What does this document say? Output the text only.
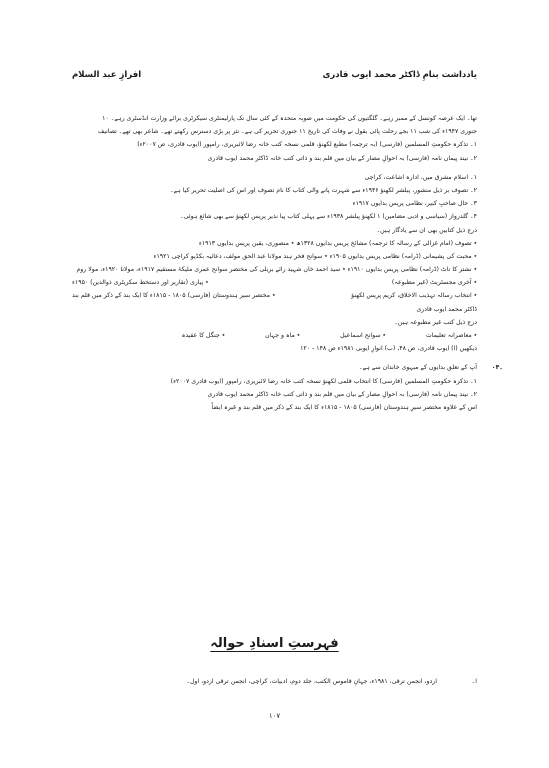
افرازِ عبد السلام	یادداشت بنامِ ڈاکٹر محمد ایوب قادری
تھا۔ ایک عرصہ کونسل کے ممبر رہے۔ گلگتیوں کی حکومت میں صوبہ متحدہ کے کئی سال تک پارلیمنٹری سیکرٹری برائے وزارت انڈسٹری رہے۔ ۱۰
جنوری ۱۹۴۷ء کی شب ۱۱ بجے رحلت پائی بقول نے وفات کی تاریخ ۱۱ جنوری تحریر کی ہے۔ نثر پر بڑی دسترس رکھتے تھے۔ شاعر بھی تھے۔ تصانیف
۱۔ تذکرہ حکومتِ المسلمین (فارسی) (بہ ترجمہ) مطبع لکھنؤ، قلمی نسخہ کتب خانہ رضا لائبریری، رامپور (ایوب قادری، ص ۲۰۰۷ء)
۲۔ نیند پیماں نامہ (فارسی) بہ احوالِ مصار کے بیان میں قلم بند و ذاتی کتب خانہ ڈاکٹر محمد ایوب قادری
۱۔ اسلام مشرق میں، ادارہ اشاعت، کراچی
۲۔ تصوف بر ذیل منشور، پبلشر لکھنؤ ۱۹۴۶ء سے شہرت پانے والی کتاب کا نام تصوف اور اس کی اصلیت تحریر کیا ہے۔
۳۔ حال صاحبِ کبیر، نظامی پریس بدایوں ۱۹۱۷ء
۴۔ گلدرواز (سیاسی و ادبی مضامین) ۱ لکھنؤ پبلشر ۱۹۳۸ء سے پہلی کتاب پیا نذیر پریس لکھنؤ سے بھی شائع ہوئی۔
درج ذیل کتابیں بھی ان سے یادگار ہیں۔
٭ تصوف (امام غزالی کے رسالہ کا ترجمہ) مشائخ پریس بدایوں ۱۳۲۸ھ ٭ منصوری، یقین پریس بدایوں ۱۹۱۳ء
٭ محبت کی پشیمانی (ڈرامہ) نظامی پریس بدایوں ۱۹۰۵ء ٭ سوانح فخر ہند مولانا عبد الحق مولف، دعائیہ بکڈپو کراچی ۱۹۲۱ء
٭ نشتر کا ناٹ (ڈرامہ) نظامی پریس بدایوں ۱۹۱۰ء ٭ سید احمد خاں شہید رائے بریلی کی مختصر سوانح عمری ملیکۂ مستقیم ۱۹۱۷ء، مولانا ۱۹۲۰ء، مولا روم
٭ آخری مجسٹریٹ (غیر مطبوعہ)
٭ پیاری (تقاریر اور دستخط سکریٹری ذوالدین) ۱۹۵۰ء
٭ انتخاب رسالہ تہذیب الاخلاق، کریم پریس لکھنؤ
٭ مختصر سیر ہندوستان (فارسی) ۱۸۰۵ - ۱۸۱۵ء کا ایک بند کے ذکر میں قلم بند
ڈاکٹر محمد ایوب قادری
درج ذیل کتب غیر مطبوعہ ہیں۔
٭ معاصرانہ تعلیمات
٭ سوانح اسماعیل
٭ ماہ و جہاں
٭ جنگل کا عقیدہ
دیکھیں (ا) ایوب قادری، ص ۴۸، (ب) انوارِ ایوبی ۱۹۸۱ء ص ۱۴۸ - ۱۲۰
آپ کے تعلق بدایوں کے مبہوی خاندان سے ہے۔ ۰۴۔
۱۔ تذکرہ حکومتِ المسلمین (فارسی) کا انتخاب قلمی لکھنؤ نسخہ کتب خانہ رضا لائبریری، رامپور (ایوب قادری ۲۰۰۷ء)
۲۔ نیند پیماں نامہ (فارسی) بہ احوالِ مصار کے بیان میں قلم بند و ذاتی کتب خانہ ڈاکٹر محمد ایوب قادری
اس کے علاوہ مختصر سیرِ ہندوستان (فارسی) ۱۸۰۵ - ۱۸۱۵ء کا ایک بند کے ذکر میں قلم بند و غیرہ ایضاً
فہرستِ اسنادِ حوالہ
ا۔
اردو، انجمن ترقی، ۱۹۸۱ء، جہانِ قاموس الکتب، جلد دوم، ادبیات، کراچی، انجمن ترقی اردو، اول۔
۱۰۷
